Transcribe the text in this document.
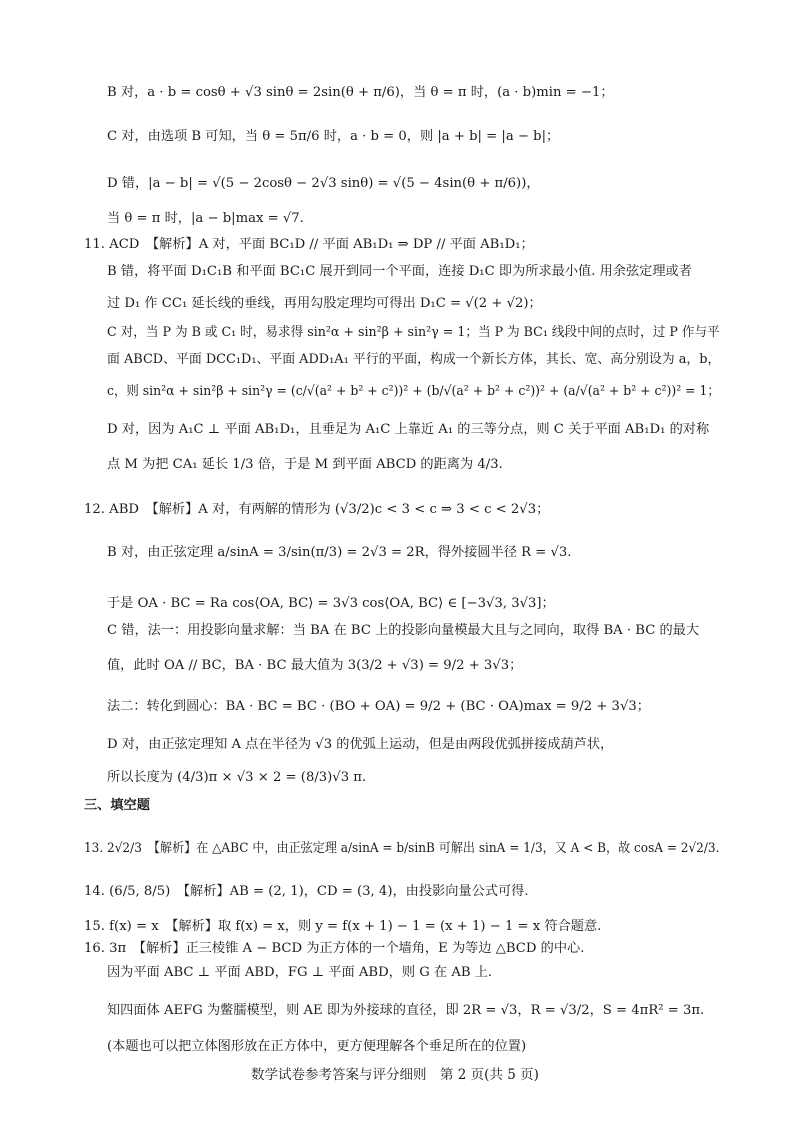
三、填空题
数学试卷参考答案与评分细则　第 2 页(共 5 页)
B 对，a · b = cosθ + √3 sinθ = 2sin(θ + π/6)，当 θ = π 时，(a · b)min = −1；
C 对，由选项 B 可知，当 θ = 5π/6 时，a · b = 0，则 |a + b| = |a − b|；
D 错，|a − b| = √(5 − 2cosθ − 2√3 sinθ) = √(5 − 4sin(θ + π/6))，
当 θ = π 时，|a − b|max = √7.
11. ACD　【解析】A 对，平面 BC₁D // 平面 AB₁D₁ ⇒ DP // 平面 AB₁D₁；
B 错，将平面 D₁C₁B 和平面 BC₁C 展开到同一个平面，连接 D₁C 即为所求最小值. 用余弦定理或者
过 D₁ 作 CC₁ 延长线的垂线，再用勾股定理均可得出 D₁C = √(2 + √2)；
C 对，当 P 为 B 或 C₁ 时，易求得 sin²α + sin²β + sin²γ = 1；当 P 为 BC₁ 线段中间的点时，过 P 作与平
面 ABCD、平面 DCC₁D₁、平面 ADD₁A₁ 平行的平面，构成一个新长方体，其长、宽、高分别设为 a，b，
c，则 sin²α + sin²β + sin²γ = (c/√(a² + b² + c²))² + (b/√(a² + b² + c²))² + (a/√(a² + b² + c²))² = 1；
D 对，因为 A₁C ⊥ 平面 AB₁D₁，且垂足为 A₁C 上靠近 A₁ 的三等分点，则 C 关于平面 AB₁D₁ 的对称
点 M 为把 CA₁ 延长 1/3 倍，于是 M 到平面 ABCD 的距离为 4/3.
12. ABD　【解析】A 对，有两解的情形为 (√3/2)c < 3 < c ⇒ 3 < c < 2√3；
B 对，由正弦定理 a/sinA = 3/sin(π/3) = 2√3 = 2R，得外接圆半径 R = √3.
于是 OA · BC = Ra cos⟨OA, BC⟩ = 3√3 cos⟨OA, BC⟩ ∈ [−3√3, 3√3]；
C 错，法一：用投影向量求解：当 BA 在 BC 上的投影向量模最大且与之同向，取得 BA · BC 的最大
值，此时 OA // BC，BA · BC 最大值为 3(3/2 + √3) = 9/2 + 3√3；
法二：转化到圆心：BA · BC = BC · (BO + OA) = 9/2 + (BC · OA)max = 9/2 + 3√3；
D 对，由正弦定理知 A 点在半径为 √3 的优弧上运动，但是由两段优弧拼接成葫芦状，
所以长度为 (4/3)π × √3 × 2 = (8/3)√3 π.
13. 2√2/3　【解析】在 △ABC 中，由正弦定理 a/sinA = b/sinB 可解出 sinA = 1/3，又 A < B，故 cosA = 2√2/3.
14. (6/5, 8/5)　【解析】AB = (2, 1)，CD = (3, 4)，由投影向量公式可得.
15. f(x) = x　【解析】取 f(x) = x，则 y = f(x + 1) − 1 = (x + 1) − 1 = x 符合题意.
16. 3π　【解析】正三棱锥 A − BCD 为正方体的一个墙角，E 为等边 △BCD 的中心.
因为平面 ABC ⊥ 平面 ABD，FG ⊥ 平面 ABD，则 G 在 AB 上.
知四面体 AEFG 为鳖臑模型，则 AE 即为外接球的直径，即 2R = √3，R = √3/2，S = 4πR² = 3π.
(本题也可以把立体图形放在正方体中，更方便理解各个垂足所在的位置)
